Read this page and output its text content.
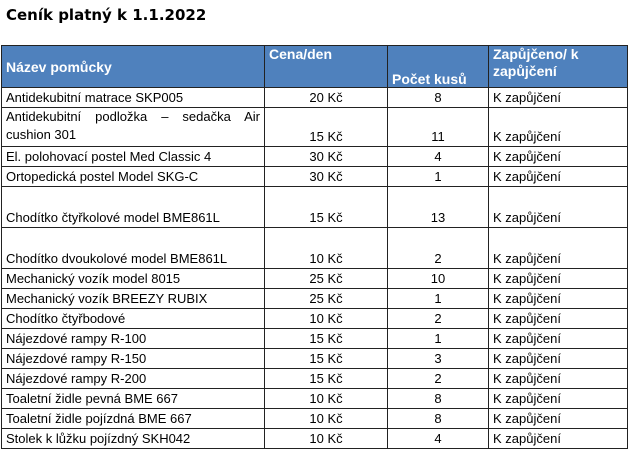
Ceník platný k 1.1.2022
Název pomůcky	Cena/den	Počet kusů	Zapůjčeno/ k zapůjčení
Antidekubitní matrace SKP005	20 Kč	8	K zapůjčení

Antidekubitní podložka – sedačka Air cushion 301	15 Kč	11	K zapůjčení
El. polohovací postel Med Classic 4	30 Kč	4	K zapůjčení
Ortopedická postel Model SKG-C	30 Kč	1	K zapůjčení
Chodítko čtyřkolové model BME861L	15 Kč	13	K zapůjčení
Chodítko dvoukolové model BME861L	10 Kč	2	K zapůjčení
Mechanický vozík model 8015	25 Kč	10	K zapůjčení
Mechanický vozík BREEZY RUBIX	25 Kč	1	K zapůjčení
Chodítko čtyřbodové	10 Kč	2	K zapůjčení
Nájezdové rampy R-100	15 Kč	1	K zapůjčení
Nájezdové rampy R-150	15 Kč	3	K zapůjčení
Nájezdové rampy R-200	15 Kč	2	K zapůjčení
Toaletní židle pevná BME 667	10 Kč	8	K zapůjčení
Toaletní židle pojízdná BME 667	10 Kč	8	K zapůjčení
Stolek k lůžku pojízdný SKH042	10 Kč	4	K zapůjčení
